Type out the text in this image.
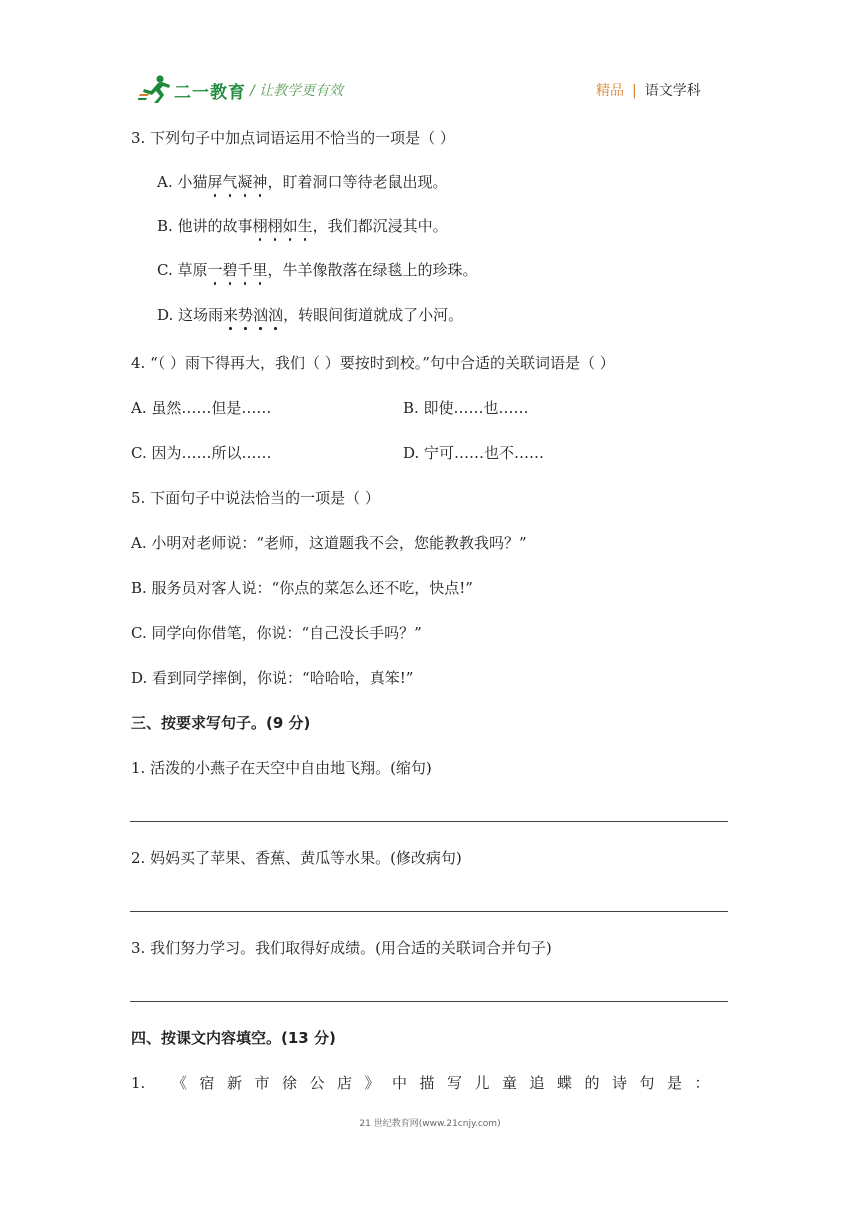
二一教育 / 让教学更有效	精品 | 语文学科
3. 下列句子中加点词语运用不恰当的一项是（ ）
A. 小猫屏气凝神，盯着洞口等待老鼠出现。
B. 他讲的故事栩栩如生，我们都沉浸其中。
C. 草原一碧千里，牛羊像散落在绿毯上的珍珠。
D. 这场雨来势汹汹，转眼间街道就成了小河。
4. “（ ）雨下得再大，我们（ ）要按时到校。”句中合适的关联词语是（ ）
A. 虽然……但是……	B. 即使……也……
C. 因为……所以……	D. 宁可……也不……
5. 下面句子中说法恰当的一项是（ ）
A. 小明对老师说：“老师，这道题我不会，您能教教我吗？”
B. 服务员对客人说：“你点的菜怎么还不吃，快点!”
C. 同学向你借笔，你说：“自己没长手吗？”
D. 看到同学摔倒，你说：“哈哈哈，真笨!”
三、按要求写句子。(9 分)
1. 活泼的小燕子在天空中自由地飞翔。(缩句)
2. 妈妈买了苹果、香蕉、黄瓜等水果。(修改病句)
3. 我们努力学习。我们取得好成绩。(用合适的关联词合并句子)
四、按课文内容填空。(13 分)
1. 《宿新市徐公店》中描写儿童追蝶的诗句是：
21 世纪教育网(www.21cnjy.com)
